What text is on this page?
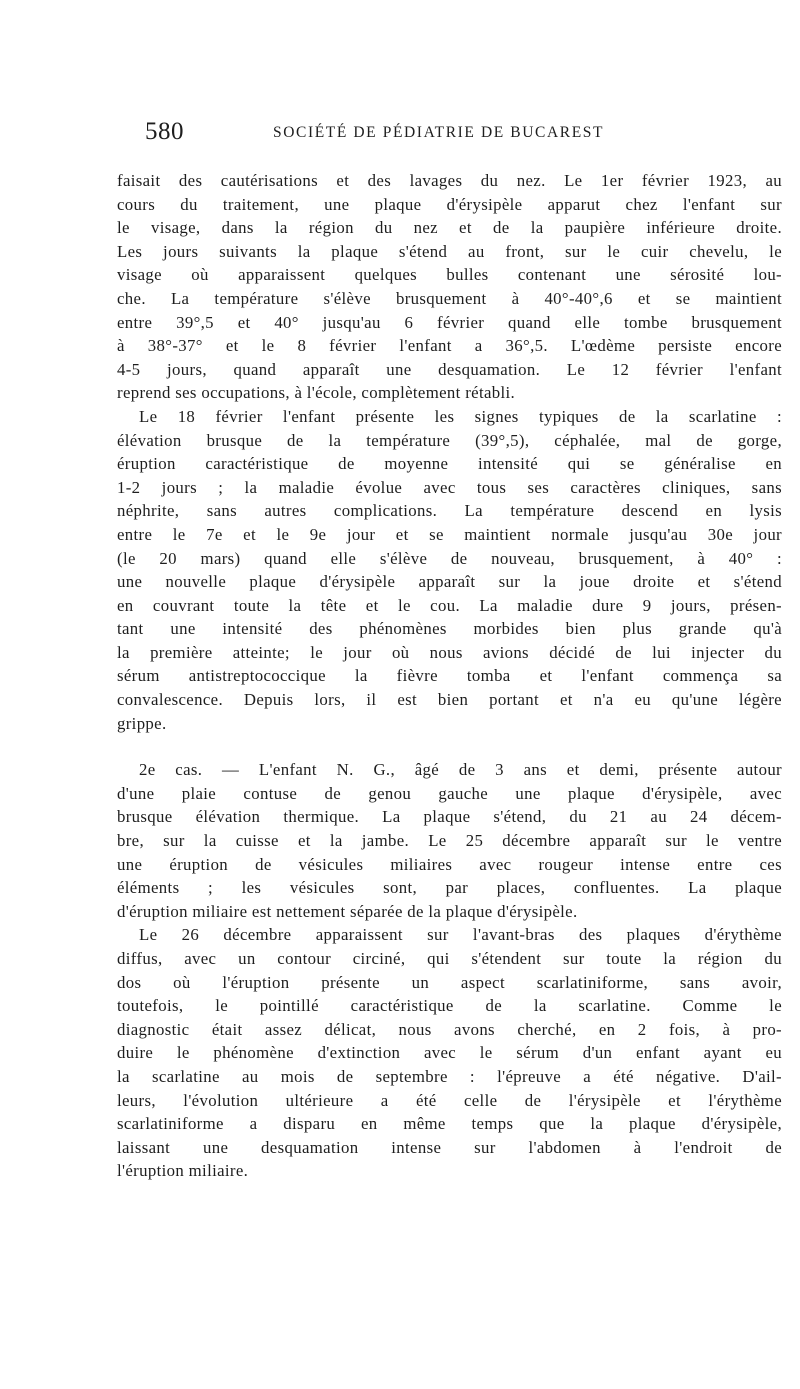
580	SOCIÉTÉ DE PÉDIATRIE DE BUCAREST

faisait des cautérisations et des lavages du nez. Le 1er février 1923, au
cours du traitement, une plaque d'érysipèle apparut chez l'enfant sur
le visage, dans la région du nez et de la paupière inférieure droite.
Les jours suivants la plaque s'étend au front, sur le cuir chevelu, le
visage où apparaissent quelques bulles contenant une sérosité lou-
che. La température s'élève brusquement à 40°-40°,6 et se maintient
entre 39°,5 et 40° jusqu'au 6 février quand elle tombe brusquement
à 38°-37° et le 8 février l'enfant a 36°,5. L'œdème persiste encore
4-5 jours, quand apparaît une desquamation. Le 12 février l'enfant
reprend ses occupations, à l'école, complètement rétabli.

Le 18 février l'enfant présente les signes typiques de la scarlatine :
élévation brusque de la température (39°,5), céphalée, mal de gorge,
éruption caractéristique de moyenne intensité qui se généralise en
1-2 jours ; la maladie évolue avec tous ses caractères cliniques, sans
néphrite, sans autres complications. La température descend en lysis
entre le 7e et le 9e jour et se maintient normale jusqu'au 30e jour
(le 20 mars) quand elle s'élève de nouveau, brusquement, à 40° :
une nouvelle plaque d'érysipèle apparaît sur la joue droite et s'étend
en couvrant toute la tête et le cou. La maladie dure 9 jours, présen-
tant une intensité des phénomènes morbides bien plus grande qu'à
la première atteinte; le jour où nous avions décidé de lui injecter du
sérum antistreptococcique la fièvre tomba et l'enfant commença sa
convalescence. Depuis lors, il est bien portant et n'a eu qu'une légère
grippe.

2e cas. — L'enfant N. G., âgé de 3 ans et demi, présente autour
d'une plaie contuse de genou gauche une plaque d'érysipèle, avec
brusque élévation thermique. La plaque s'étend, du 21 au 24 décem-
bre, sur la cuisse et la jambe. Le 25 décembre apparaît sur le ventre
une éruption de vésicules miliaires avec rougeur intense entre ces
éléments ; les vésicules sont, par places, confluentes. La plaque
d'éruption miliaire est nettement séparée de la plaque d'érysipèle.

Le 26 décembre apparaissent sur l'avant-bras des plaques d'érythème
diffus, avec un contour circiné, qui s'étendent sur toute la région du
dos où l'éruption présente un aspect scarlatiniforme, sans avoir,
toutefois, le pointillé caractéristique de la scarlatine. Comme le
diagnostic était assez délicat, nous avons cherché, en 2 fois, à pro-
duire le phénomène d'extinction avec le sérum d'un enfant ayant eu
la scarlatine au mois de septembre : l'épreuve a été négative. D'ail-
leurs, l'évolution ultérieure a été celle de l'érysipèle et l'érythème
scarlatiniforme a disparu en même temps que la plaque d'érysipèle,
laissant une desquamation intense sur l'abdomen à l'endroit de
l'éruption miliaire.
